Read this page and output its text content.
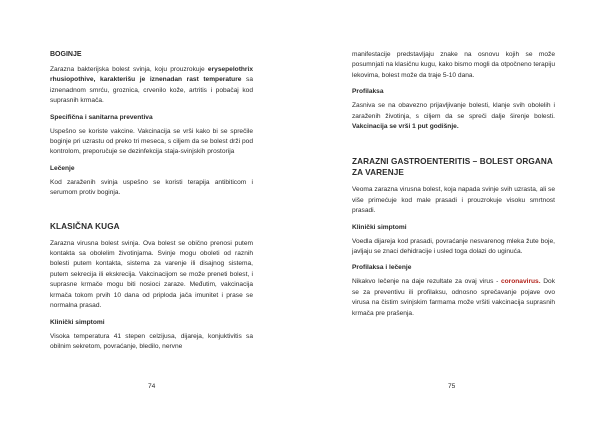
BOGINJE

Zarazna bakterijska bolest svinja, koju prouzrokuje erysepelothrix rhusiopothive, karakterišu je iznenadan rast temperature sa iznenadnom smrću, groznica, crvenilo kože, artritis i pobačaj kod suprasnih krmača.

Specifična i sanitarna preventiva

Uspešno se koriste vakcine. Vakcinacija se vrši kako bi se sprečile boginje pri uzrastu od preko tri meseca, s ciljem da se bolest drži pod kontrolom, preporučuje se dezinfekcija staja-svinjskih prostorija

Lečenje

Kod zaraženih svinja uspešno se koristi terapija antibiticom i serumom protiv boginja.

KLASIČNA KUGA

Zarazna virusna bolest svinja. Ova bolest se obično prenosi putem kontakta sa obolelim životinjama. Svinje mogu oboleti od raznih bolesti putem kontakta, sistema za varenje ili disajnog sistema, putem sekrecija ili ekskrecija. Vakcinacijom se može preneti bolest, i suprasne krmače mogu biti nosioci zaraze. Međutim, vakcinacija krmača tokom prvih 10 dana od priploda jača imunitet i prase se normalna prasad.

Klinički simptomi

Visoka temperatura 41 stepen celzijusa, dijareja, konjuktivitis sa obilnim sekretom, povraćanje, bledilo, nervne

74

manifestacije predstavljaju znake na osnovu kojih se može posumnjati na klasičnu kugu, kako bismo mogli da otpočneno terapiju lekovima, bolest može da traje 5-10 dana.

Profilaksa

Zasniva se na obavezno prijavljivanje bolesti, klanje svih obolelih i zaraženih životinja, s ciljem da se spreči dalje širenje bolesti. Vakcinacija se vrši 1 put godišnje.

ZARAZNI GASTROENTERITIS – BOLEST ORGANA ZA VARENJE

Veoma zarazna virusna bolest, koja napada svinje svih uzrasta, ali se više primećuje kod male prasadi i prouzrokuje visoku smrtnost prasadi.

Klinički simptomi

Voedla dijareja kod prasadi, povraćanje nesvarenog mleka žute boje, javljaju se znaci dehidracije i usled toga dolazi do uginuća.

Profilaksa i lečenje

Nikakvo lečenje na daje rezultate za ovaj virus - coronavirus. Dok se za preventivu ili profilaksu, odnosno sprečavanje pojave ovo virusa na čistim svinjskim farmama može vršiti vakcinacija suprasnih krmača pre prašenja.

75
